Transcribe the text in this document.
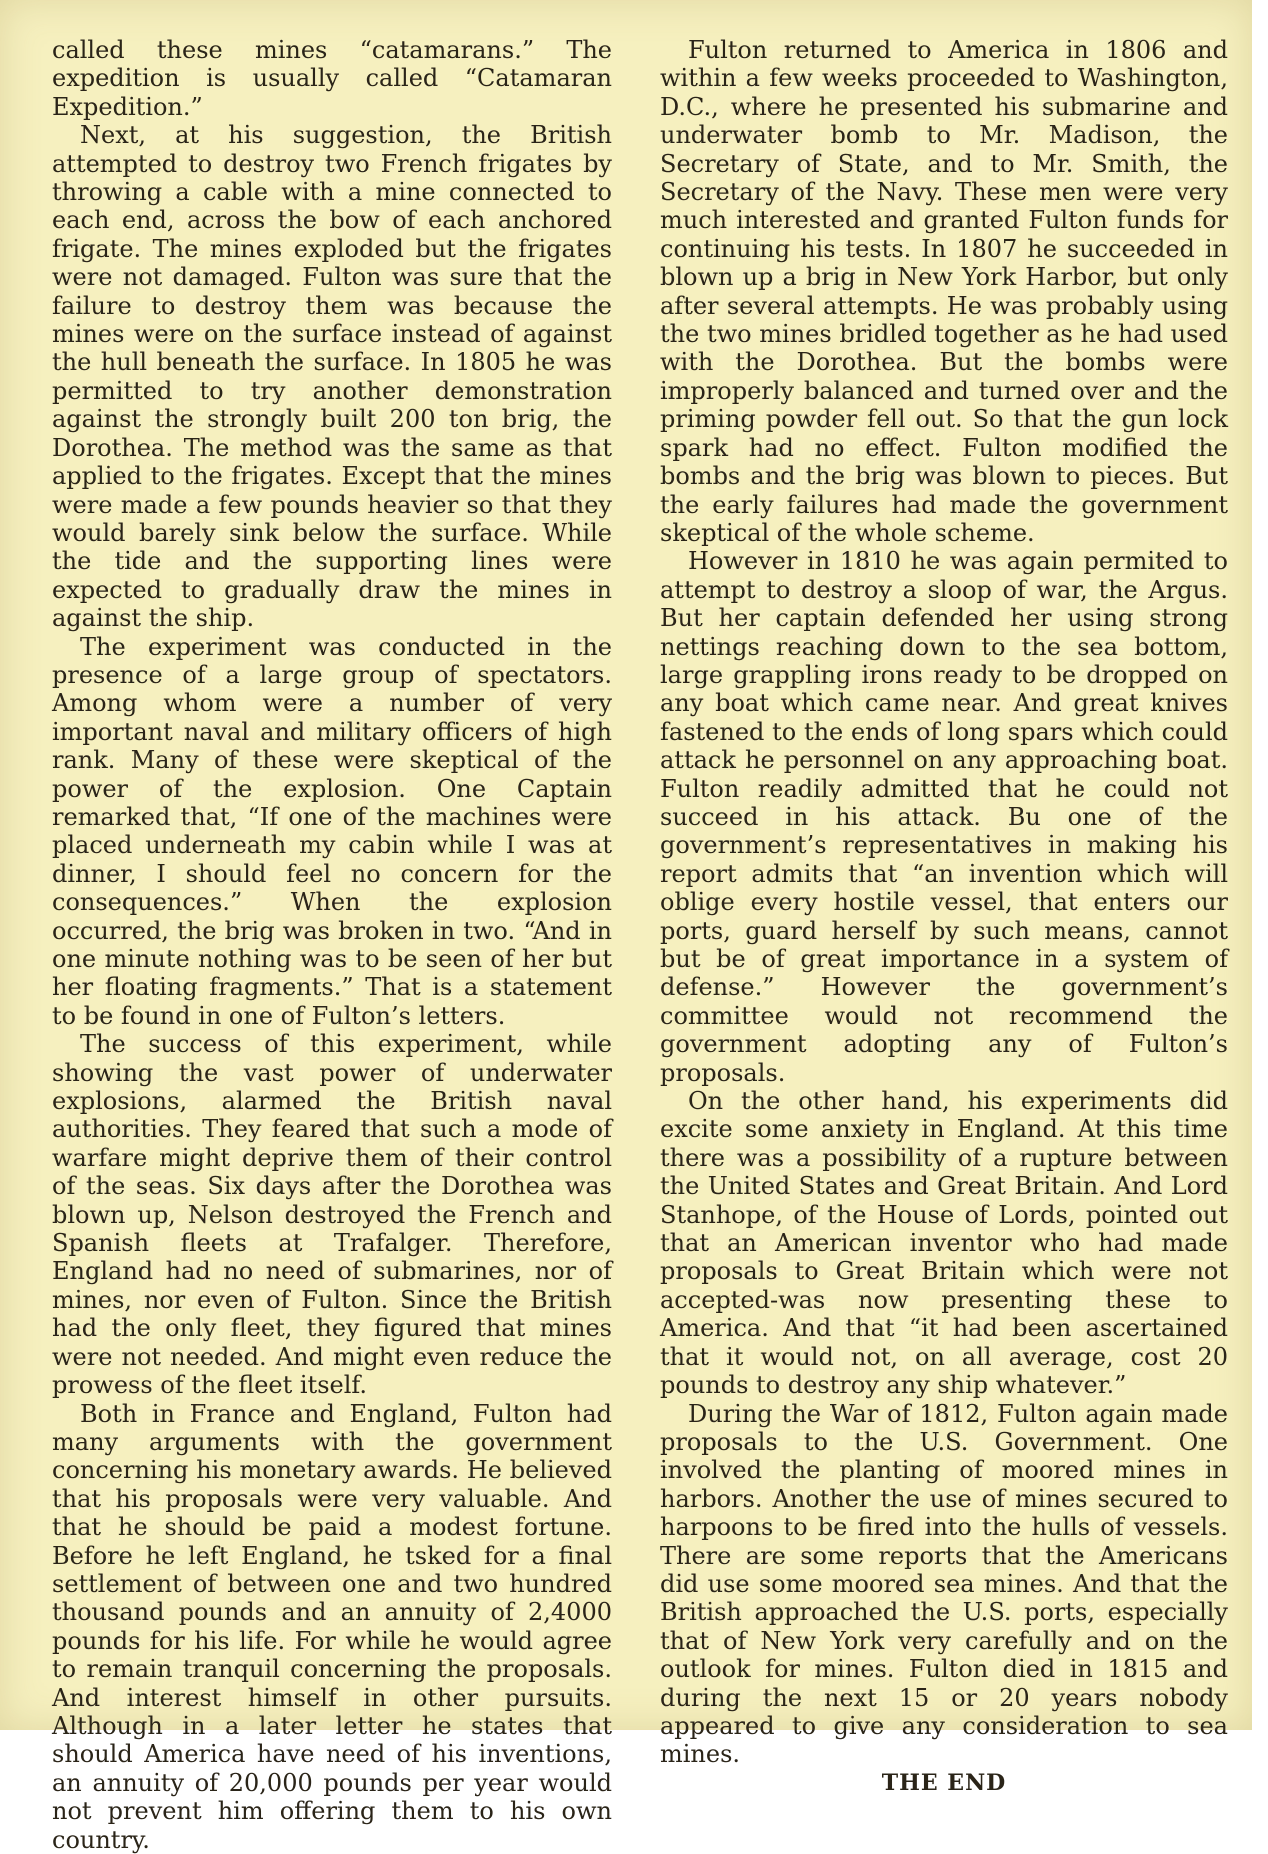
called these mines “catamarans.” The expedition is usually called “Catamaran Expedition.”

Next, at his suggestion, the British attempted to destroy two French frigates by throwing a cable with a mine connected to each end, across the bow of each anchored frigate. The mines exploded but the frigates were not damaged. Fulton was sure that the failure to destroy them was because the mines were on the surface instead of against the hull beneath the surface. In 1805 he was permitted to try another demonstration against the strongly built 200 ton brig, the Dorothea. The method was the same as that applied to the frigates. Except that the mines were made a few pounds heavier so that they would barely sink below the surface. While the tide and the supporting lines were expected to gradually draw the mines in against the ship.

The experiment was conducted in the presence of a large group of spectators. Among whom were a number of very important naval and military officers of high rank. Many of these were skeptical of the power of the explosion. One Captain remarked that, “If one of the machines were placed underneath my cabin while I was at dinner, I should feel no concern for the consequences.” When the explosion occurred, the brig was broken in two. “And in one minute nothing was to be seen of her but her floating fragments.” That is a statement to be found in one of Fulton’s letters.

The success of this experiment, while showing the vast power of underwater explosions, alarmed the British naval authorities. They feared that such a mode of warfare might deprive them of their control of the seas. Six days after the Dorothea was blown up, Nelson destroyed the French and Spanish fleets at Trafalger. Therefore, England had no need of submarines, nor of mines, nor even of Fulton. Since the British had the only fleet, they figured that mines were not needed. And might even reduce the prowess of the fleet itself.

Both in France and England, Fulton had many arguments with the government concerning his monetary awards. He believed that his proposals were very valuable. And that he should be paid a modest fortune. Before he left England, he tsked for a final settlement of between one and two hundred thousand pounds and an annuity of 2,4000 pounds for his life. For while he would agree to remain tranquil concerning the proposals. And interest himself in other pursuits. Although in a later letter he states that should America have need of his inventions, an annuity of 20,000 pounds per year would not prevent him offering them to his own country.

Fulton returned to America in 1806 and within a few weeks proceeded to Washington, D.C., where he presented his submarine and underwater bomb to Mr. Madison, the Secretary of State, and to Mr. Smith, the Secretary of the Navy. These men were very much interested and granted Fulton funds for continuing his tests. In 1807 he succeeded in blown up a brig in New York Harbor, but only after several attempts. He was probably using the two mines bridled together as he had used with the Dorothea. But the bombs were improperly balanced and turned over and the priming powder fell out. So that the gun lock spark had no effect. Fulton modified the bombs and the brig was blown to pieces. But the early failures had made the government skeptical of the whole scheme.

However in 1810 he was again permited to attempt to destroy a sloop of war, the Argus. But her captain defended her using strong nettings reaching down to the sea bottom, large grappling irons ready to be dropped on any boat which came near. And great knives fastened to the ends of long spars which could attack he personnel on any approaching boat. Fulton readily admitted that he could not succeed in his attack. Bu one of the government’s representatives in making his report admits that “an invention which will oblige every hostile vessel, that enters our ports, guard herself by such means, cannot but be of great importance in a system of defense.” However the government’s committee would not recommend the government adopting any of Fulton’s proposals.

On the other hand, his experiments did excite some anxiety in England. At this time there was a possibility of a rupture between the United States and Great Britain. And Lord Stanhope, of the House of Lords, pointed out that an American inventor who had made proposals to Great Britain which were not accepted-was now presenting these to America. And that “it had been ascertained that it would not, on all average, cost 20 pounds to destroy any ship whatever.”

During the War of 1812, Fulton again made proposals to the U.S. Government. One involved the planting of moored mines in harbors. Another the use of mines secured to harpoons to be fired into the hulls of vessels. There are some reports that the Americans did use some moored sea mines. And that the British approached the U.S. ports, especially that of New York very carefully and on the outlook for mines. Fulton died in 1815 and during the next 15 or 20 years nobody appeared to give any consideration to sea mines.

THE END
